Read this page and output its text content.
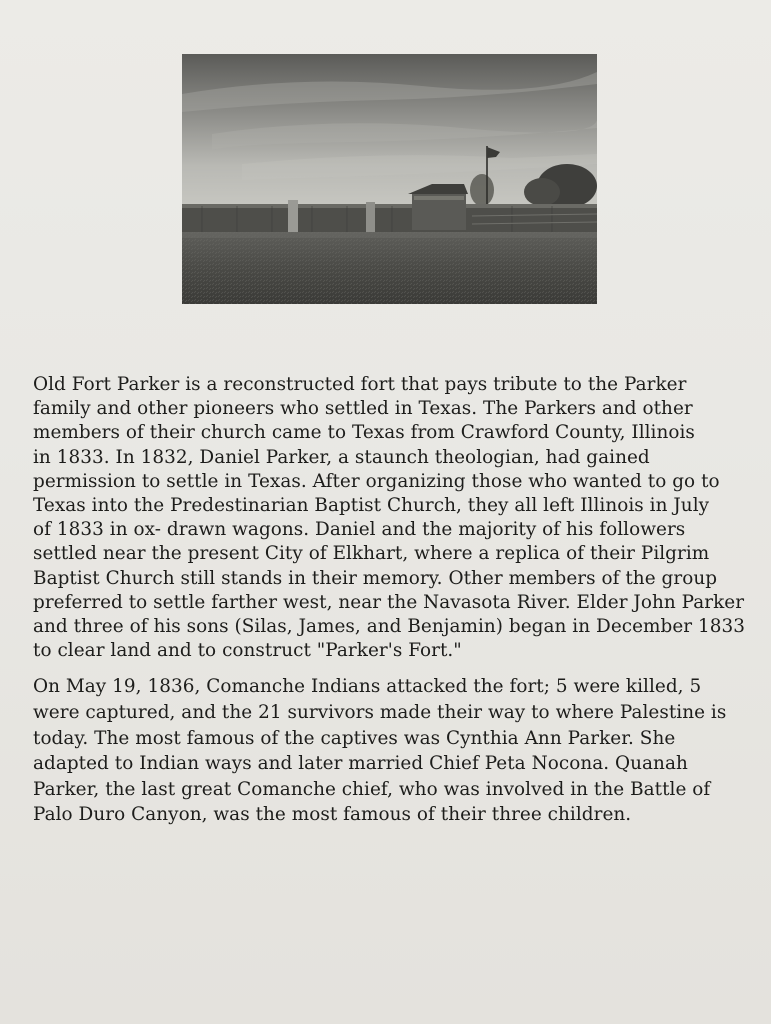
Old Fort Parker is a reconstructed fort that pays tribute to the Parker
family and other pioneers who settled in Texas. The Parkers and other
members of their church came to Texas from Crawford County, Illinois
in 1833. In 1832, Daniel Parker, a staunch theologian, had gained
permission to settle in Texas. After organizing those who wanted to go to
Texas into the Predestinarian Baptist Church, they all left Illinois in July
of 1833 in ox- drawn wagons. Daniel and the majority of his followers
settled near the present City of Elkhart, where a replica of their Pilgrim
Baptist Church still stands in their memory. Other members of the group
preferred to settle farther west, near the Navasota River. Elder John Parker
and three of his sons (Silas, James, and Benjamin) began in December 1833
to clear land and to construct "Parker's Fort."

On May 19, 1836, Comanche Indians attacked the fort; 5 were killed, 5
were captured, and the 21 survivors made their way to where Palestine is
today. The most famous of the captives was Cynthia Ann Parker. She
adapted to Indian ways and later married Chief Peta Nocona. Quanah
Parker, the last great Comanche chief, who was involved in the Battle of
Palo Duro Canyon, was the most famous of their three children.
